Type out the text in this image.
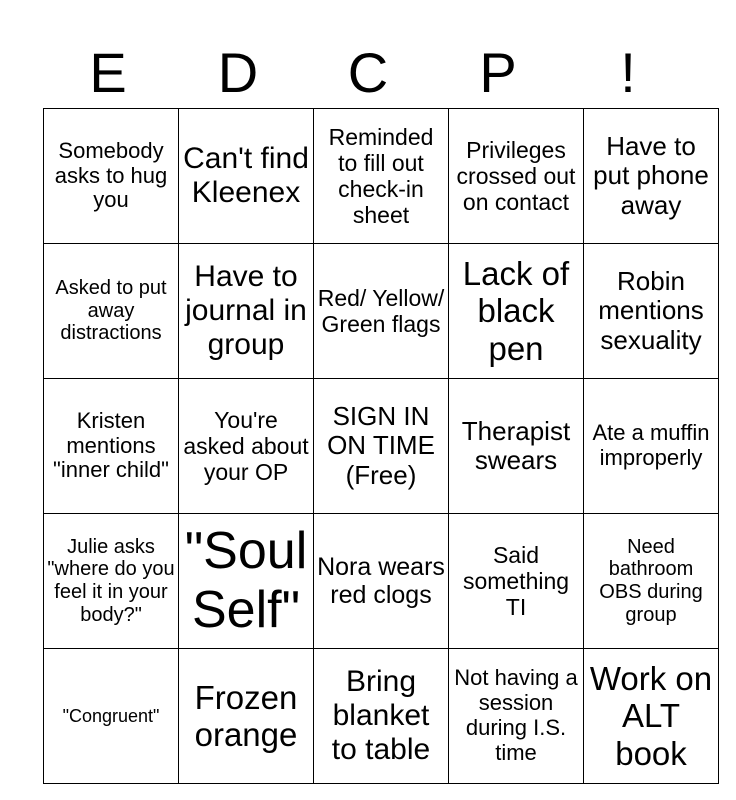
E	D	C	P	!
Somebody asks to hug you	Can't find Kleenex	Reminded to fill out check-in sheet	Privileges crossed out on contact	Have to put phone away
Asked to put away distractions	Have to journal in group	Red/ Yellow/ Green flags	Lack of black pen	Robin mentions sexuality
Kristen mentions "inner child"	You're asked about your OP	SIGN IN ON TIME (Free)	Therapist swears	Ate a muffin improperly
Julie asks "where do you feel it in your body?"	"Soul Self"	Nora wears red clogs	Said something TI	Need bathroom OBS during group
"Congruent"	Frozen orange	Bring blanket to table	Not having a session during I.S. time	Work on ALT book
